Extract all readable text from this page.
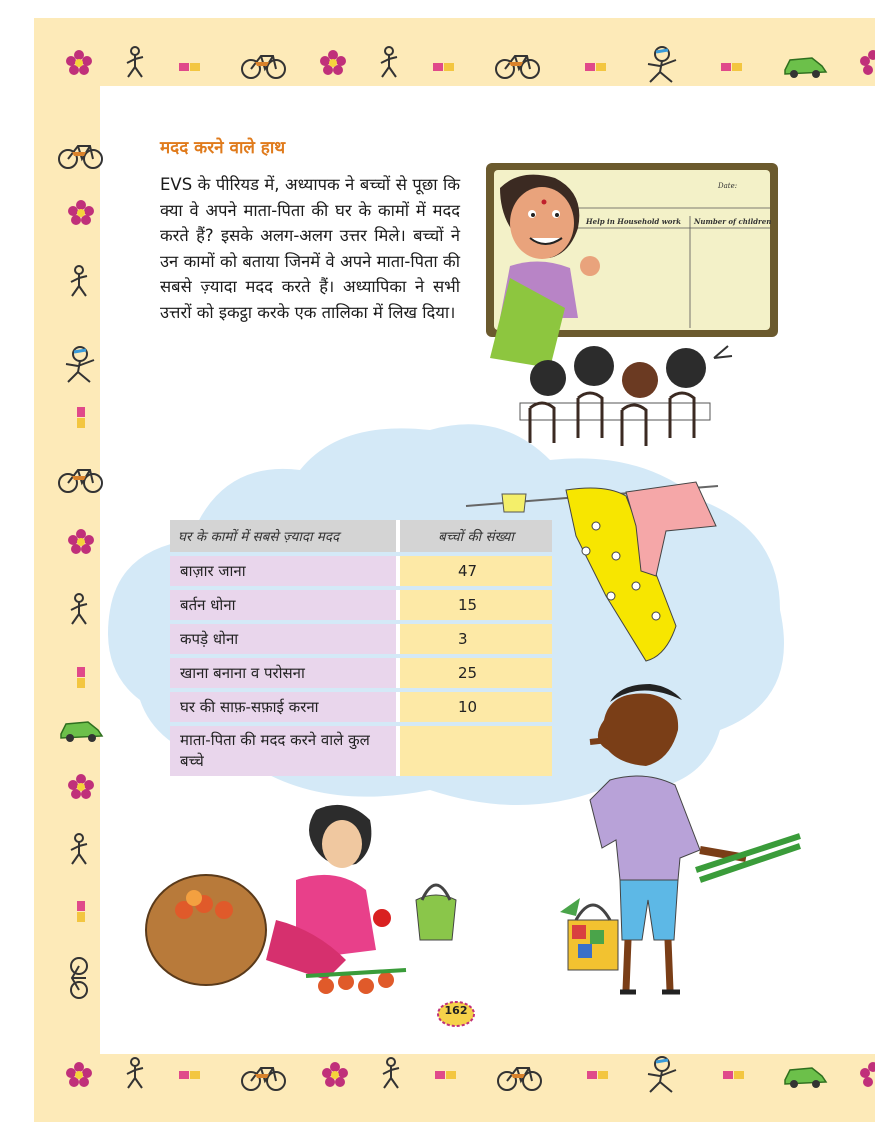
मदद करने वाले हाथ

EVS के पीरियड में, अध्यापक ने बच्चों से पूछा कि क्या वे अपने माता-पिता की घर के कामों में मदद करते हैं? इसके अलग-अलग उत्तर मिले। बच्चों ने उन कामों को बताया जिनमें वे अपने माता-पिता की सबसे ज़्यादा मदद करते हैं। अध्यापिका ने सभी उत्तरों को इकट्ठा करके एक तालिका में लिख दिया।

Date:
Help in Household work Number of children
घर के कामों में सबसे ज़्यादा मदद	बच्चों की संख्या
बाज़ार जाना	47
बर्तन धोना	15
कपड़े धोना	3
खाना बनाना व परोसना	25
घर की साफ़-सफ़ाई करना	10
माता-पिता की मदद करने वाले कुल बच्चे	
162
